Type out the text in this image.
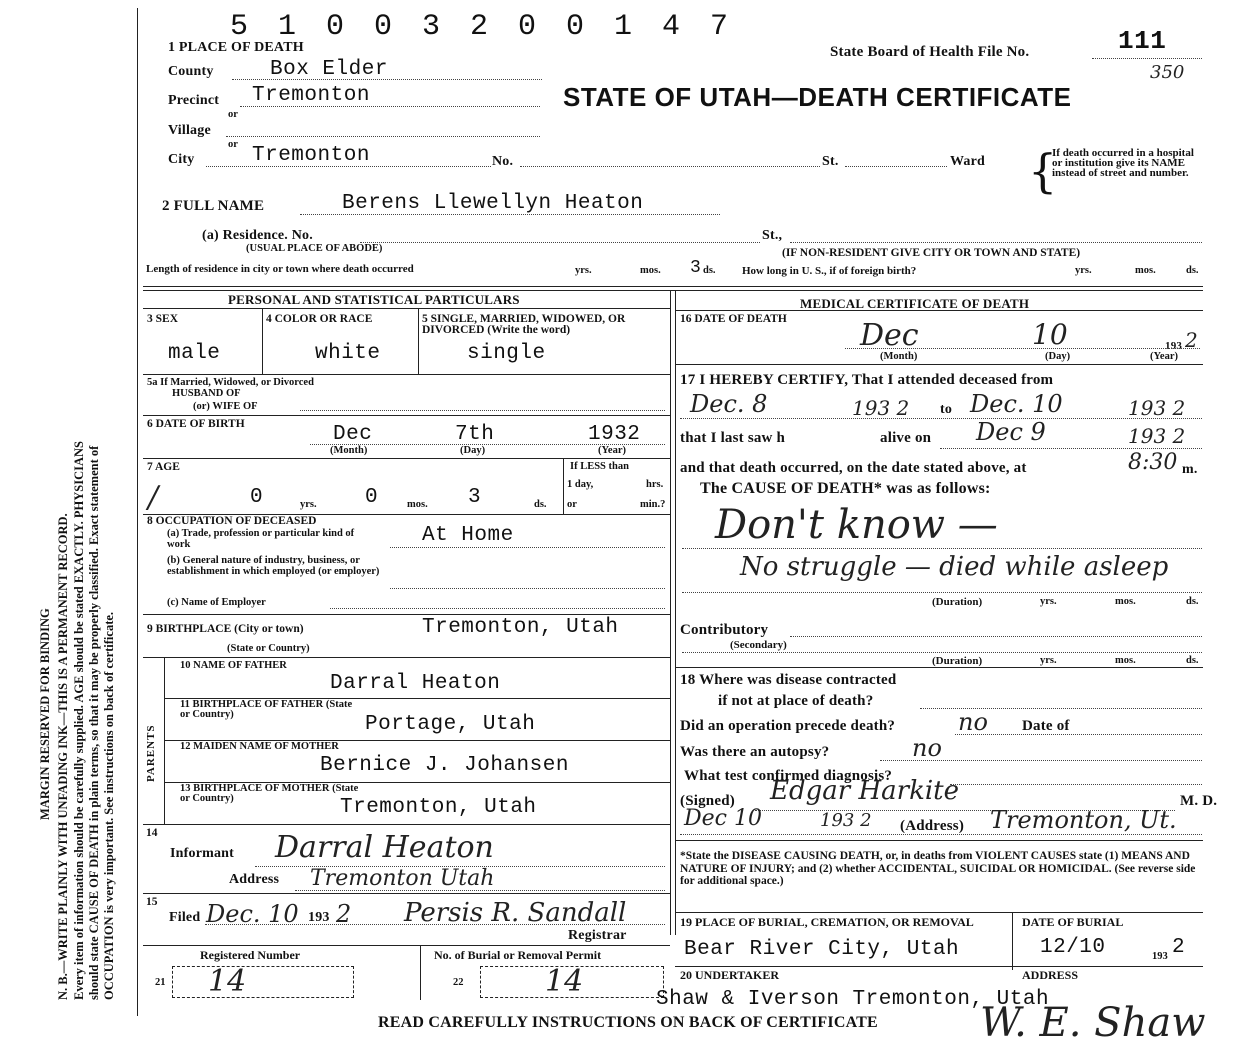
MARGIN RESERVED FOR BINDING N. B.—WRITE PLAINLY WITH UNFADING INK—THIS IS A PERMANENT RECORD. Every item of information should be carefully supplied. AGE should be stated EXACTLY. PHYSICIANS should state CAUSE OF DEATH in plain terms, so that it may be properly classified. Exact statement of OCCUPATION is very important. See instructions on back of certificate.
5 1 0 0 3 2 0 0 1 4 7
1 PLACE OF DEATH
County	Box Elder
Precinct Tremonton
or
Village
or
City	Tremonton	No.	St.	Ward
State Board of Health File No.	111
350
STATE OF UTAH—DEATH CERTIFICATE
{
If death occurred in a hospital or institution give its NAME instead of street and number.
2 FULL NAME	Berens Llewellyn Heaton
(a) Residence. No.
(USUAL PLACE OF ABODE)
St.,
(IF NON-RESIDENT GIVE CITY OR TOWN AND STATE)
Length of residence in city or town where death occurred	yrs.	mos. 3 ds. How long in U. S., if of foreign birth?	yrs.	mos.	ds.
PERSONAL AND STATISTICAL PARTICULARS
3 SEX
male
4 COLOR OR RACE
white
5 SINGLE, MARRIED, WIDOWED, OR DIVORCED (Write the word)
single
5a If Married, Widowed, or Divorced
HUSBAND OF
(or) WIFE OF
6 DATE OF BIRTH	Dec	7th	1932
(Month)	(Day)	(Year)
7 AGE
/	0	yrs. 0	mos. 3	ds.
If LESS than
1 day,	hrs.
or	min.?
8 OCCUPATION OF DECEASED
(a) Trade, profession or particular kind of work	At Home
(b) General nature of industry, business, or establishment in which employed (or employer)
(c) Name of Employer
9 BIRTHPLACE (City or town)	Tremonton, Utah
(State or Country)
PARENTS
10 NAME OF FATHER
Darral Heaton
11 BIRTHPLACE OF FATHER (State or Country)	Portage, Utah
12 MAIDEN NAME OF MOTHER
Bernice J. Johansen
13 BIRTHPLACE OF MOTHER (State or Country)	Tremonton, Utah
14
Informant Darral Heaton
Address Tremonton Utah
15
Filed Dec. 10 193 2 Persis R. Sandall
Registrar
Registered Number
21 14
No. of Burial or Removal Permit
22	14
MEDICAL CERTIFICATE OF DEATH
16 DATE OF DEATH Dec	10	193 2
(Month)	(Day)	(Year)
17 I HEREBY CERTIFY, That I attended deceased from
Dec. 8	193 2 to Dec. 10	193 2
that I last saw h	alive on Dec 9	193 2
and that death occurred, on the date stated above, at	8:30 m.
The CAUSE OF DEATH* was as follows:
Don't know —
No struggle — died while asleep
(Duration)	yrs.	mos.	ds.
Contributory
(Secondary)
(Duration)	yrs.	mos.	ds.
18 Where was disease contracted
if not at place of death?
Did an operation precede death?	no Date of
Was there an autopsy?	no
What test confirmed diagnosis?
(Signed) Edgar Harkite	M. D.
Dec 10	193 2 (Address) Tremonton, Ut.
*State the DISEASE CAUSING DEATH, or, in deaths from VIOLENT CAUSES state (1) MEANS AND NATURE OF INJURY; and (2) whether ACCIDENTAL, SUICIDAL OR HOMICIDAL. (See reverse side for additional space.)
19 PLACE OF BURIAL, CREMATION, OR REMOVAL
Bear River City, Utah
DATE OF BURIAL
12/10	193 2
20 UNDERTAKER	ADDRESS
Shaw & Iverson Tremonton, Utah
READ CAREFULLY INSTRUCTIONS ON BACK OF CERTIFICATE	W. E. Shaw
